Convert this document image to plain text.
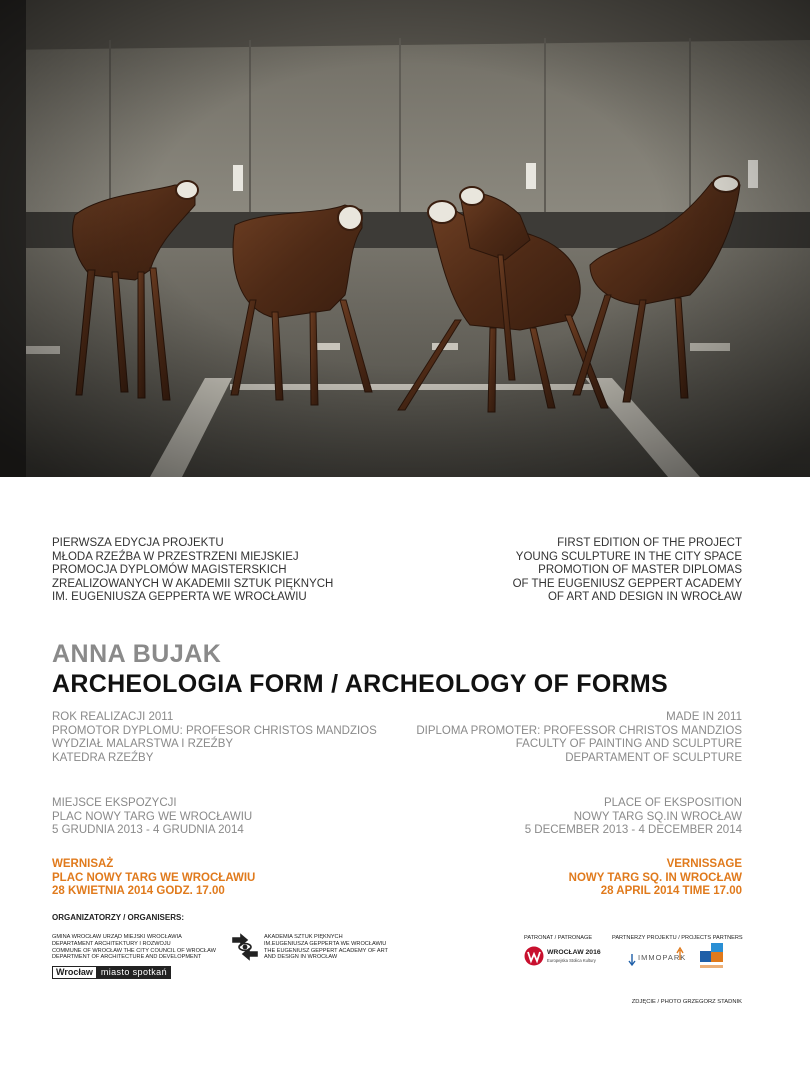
PIERWSZA EDYCJA PROJEKTU
MŁODA RZEŹBA W PRZESTRZENI MIEJSKIEJ
PROMOCJA DYPLOMÓW MAGISTERSKICH
ZREALIZOWANYCH W AKADEMII SZTUK PIĘKNYCH
IM. EUGENIUSZA GEPPERTA WE WROCŁAWIU
FIRST EDITION OF THE PROJECT
YOUNG SCULPTURE IN THE CITY SPACE
PROMOTION OF MASTER DIPLOMAS
OF THE EUGENIUSZ GEPPERT ACADEMY
OF ART AND DESIGN IN WROCŁAW
ANNA BUJAK
ARCHEOLOGIA FORM / ARCHEOLOGY OF FORMS
ROK REALIZACJI 2011
PROMOTOR DYPLOMU: PROFESOR CHRISTOS MANDZIOS
WYDZIAŁ MALARSTWA I RZEŹBY
KATEDRA RZEŹBY
MADE IN 2011
DIPLOMA PROMOTER: PROFESSOR CHRISTOS MANDZIOS
FACULTY OF PAINTING AND SCULPTURE
DEPARTAMENT OF SCULPTURE
MIEJSCE EKSPOZYCJI
PLAC NOWY TARG WE WROCŁAWIU
5 GRUDNIA 2013 - 4 GRUDNIA 2014
PLACE OF EKSPOSITION
NOWY TARG SQ.IN WROCŁAW
5 DECEMBER 2013 - 4 DECEMBER 2014
WERNISAŻ
PLAC NOWY TARG WE WROCŁAWIU
28 KWIETNIA 2014 GODZ. 17.00
VERNISSAGE
NOWY TARG SQ. IN WROCŁAW
28 APRIL 2014 TIME 17.00
ORGANIZATORZY / ORGANISERS:
GMINA WROCŁAW URZĄD MIEJSKI WROCŁAWIA
DEPARTAMENT ARCHITEKTURY I ROZWOJU
COMMUNE OF WROCŁAW THE CITY COUNCIL OF WROCŁAW
DEPARTMENT OF ARCHITECTURE AND DEVELOPMENT
Wrocław miasto spotkań
AKADEMIA SZTUK PIĘKNYCH
IM.EUGENIUSZA GEPPERTA WE WROCŁAWIU
THE EUGENIUSZ GEPPERT ACADEMY OF ART
AND DESIGN IN WROCŁAW
PATRONAT / PATRONAGE
WROCŁAW 2016
Europejska Stolica Kultury
PARTNERZY PROJEKTU / PROJECTS PARTNERS
IMMOPARK
ZDJĘCIE / PHOTO GRZEGORZ STADNIK
